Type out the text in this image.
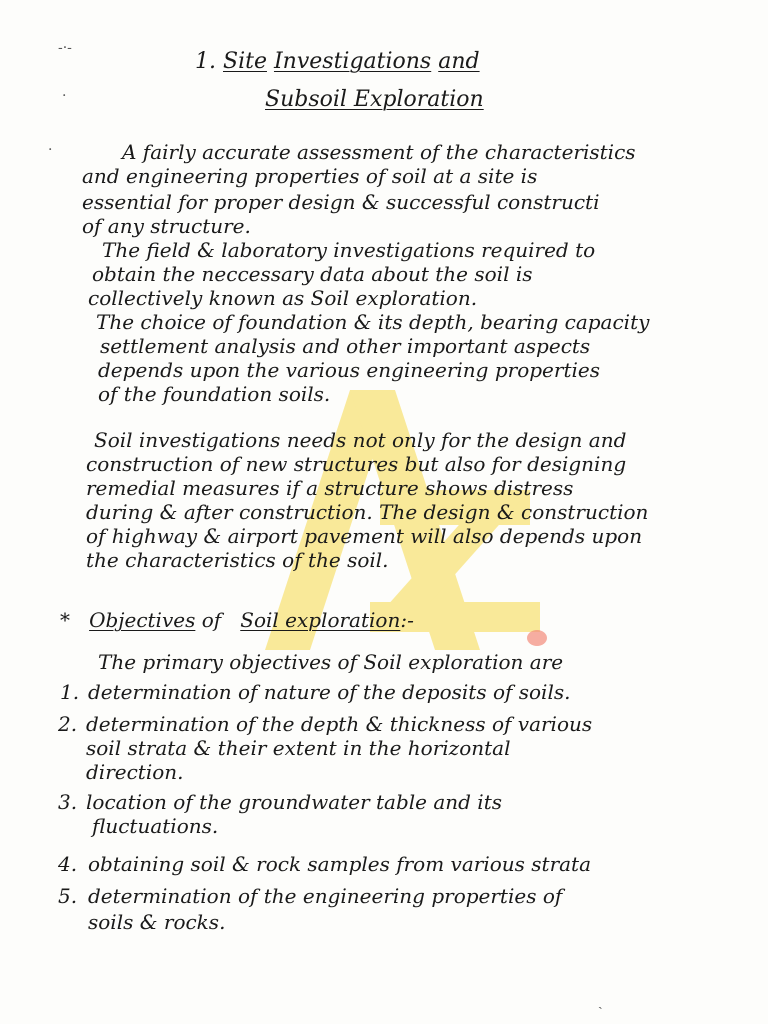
-·-
·
·
1. Site Investigations and
Subsoil Exploration
A fairly accurate assessment of the characteristics
and engineering properties of soil at a site is
essential for proper design & successful constructi
of any structure.
The field & laboratory investigations required to
obtain the neccessary data about the soil is
collectively known as Soil exploration.
The choice of foundation & its depth, bearing capacity
settlement analysis and other important aspects
depends upon the various engineering properties
of the foundation soils.
Soil investigations needs not only for the design and
construction of new structures but also for designing
remedial measures if a structure shows distress
during & after construction. The design & construction
of highway & airport pavement will also depends upon
the characteristics of the soil.
* Objectives of Soil exploration:-
The primary objectives of Soil exploration are
1. determination of nature of the deposits of soils.
2. determination of the depth & thickness of various
soil strata & their extent in the horizontal
direction.
3. location of the groundwater table and its
fluctuations.
4. obtaining soil & rock samples from various strata
5. determination of the engineering properties of
soils & rocks.
ˎ
